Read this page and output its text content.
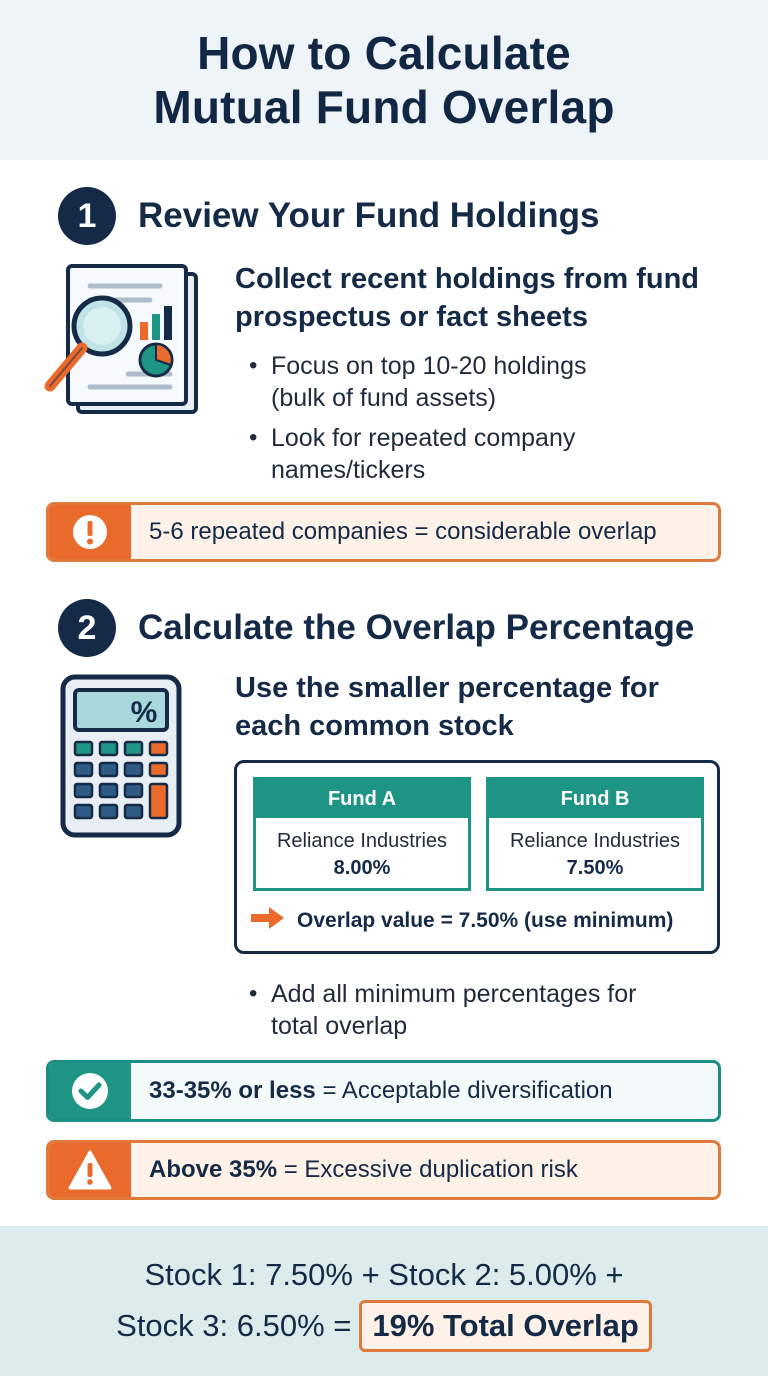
How to Calculate
Mutual Fund Overlap
1	Review Your Fund Holdings
Collect recent holdings from fund
prospectus or fact sheets
• Focus on top 10-20 holdings
(bulk of fund assets)
• Look for repeated company
names/tickers
5-6 repeated companies = considerable overlap
2	Calculate the Overlap Percentage
%
Use the smaller percentage for
each common stock
Fund A
Reliance Industries
8.00%
Fund B
Reliance Industries
7.50%
Overlap value = 7.50% (use minimum)
• Add all minimum percentages for
total overlap
33-35% or less = Acceptable diversification
Above 35% = Excessive duplication risk
Stock 1: 7.50% + Stock 2: 5.00% +
Stock 3: 6.50% = 19% Total Overlap
